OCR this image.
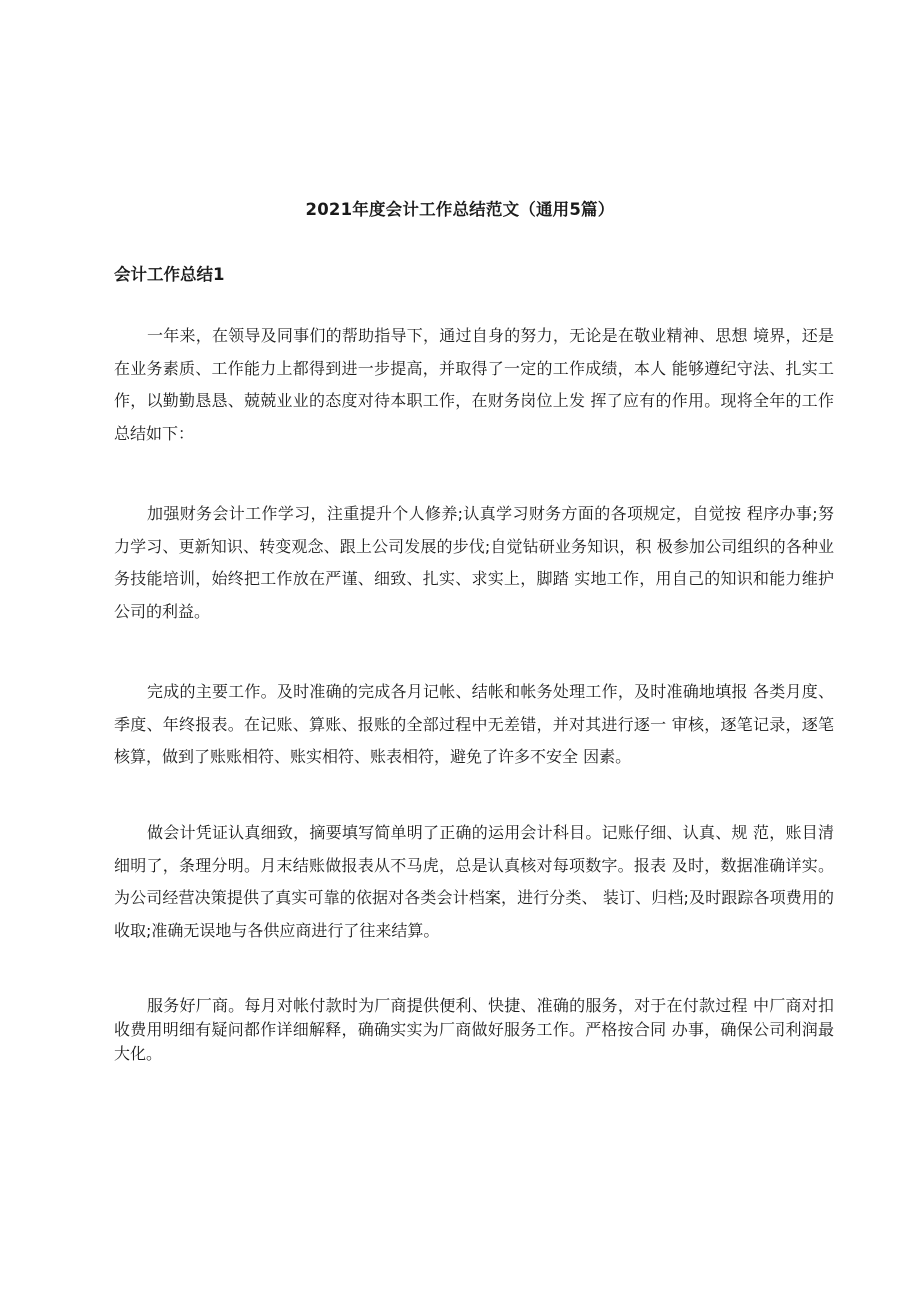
2021年度会计工作总结范文（通用5篇）
会计工作总结1

一年来，在领导及同事们的帮助指导下，通过自身的努力，无论是在敬业精神、思想 境界，还是在业务素质、工作能力上都得到进一步提高，并取得了一定的工作成绩，本人 能够遵纪守法、扎实工作，以勤勤恳恳、兢兢业业的态度对待本职工作，在财务岗位上发 挥了应有的作用。现将全年的工作总结如下：

加强财务会计工作学习，注重提升个人修养;认真学习财务方面的各项规定，自觉按 程序办事;努力学习、更新知识、转变观念、跟上公司发展的步伐;自觉钻研业务知识，积 极参加公司组织的各种业务技能培训，始终把工作放在严谨、细致、扎实、求实上，脚踏 实地工作，用自己的知识和能力维护公司的利益。

完成的主要工作。及时准确的完成各月记帐、结帐和帐务处理工作，及时准确地填报 各类月度、季度、年终报表。在记账、算账、报账的全部过程中无差错，并对其进行逐一 审核，逐笔记录，逐笔核算，做到了账账相符、账实相符、账表相符，避免了许多不安全 因素。

做会计凭证认真细致，摘要填写简单明了正确的运用会计科目。记账仔细、认真、规 范，账目清细明了，条理分明。月末结账做报表从不马虎，总是认真核对每项数字。报表 及时，数据准确详实。为公司经营决策提供了真实可靠的依据对各类会计档案，进行分类、 装订、归档;及时跟踪各项费用的收取;准确无误地与各供应商进行了往来结算。

服务好厂商。每月对帐付款时为厂商提供便利、快捷、准确的服务，对于在付款过程 中厂商对扣收费用明细有疑问都作详细解释，确确实实为厂商做好服务工作。严格按合同 办事，确保公司利润最大化。
